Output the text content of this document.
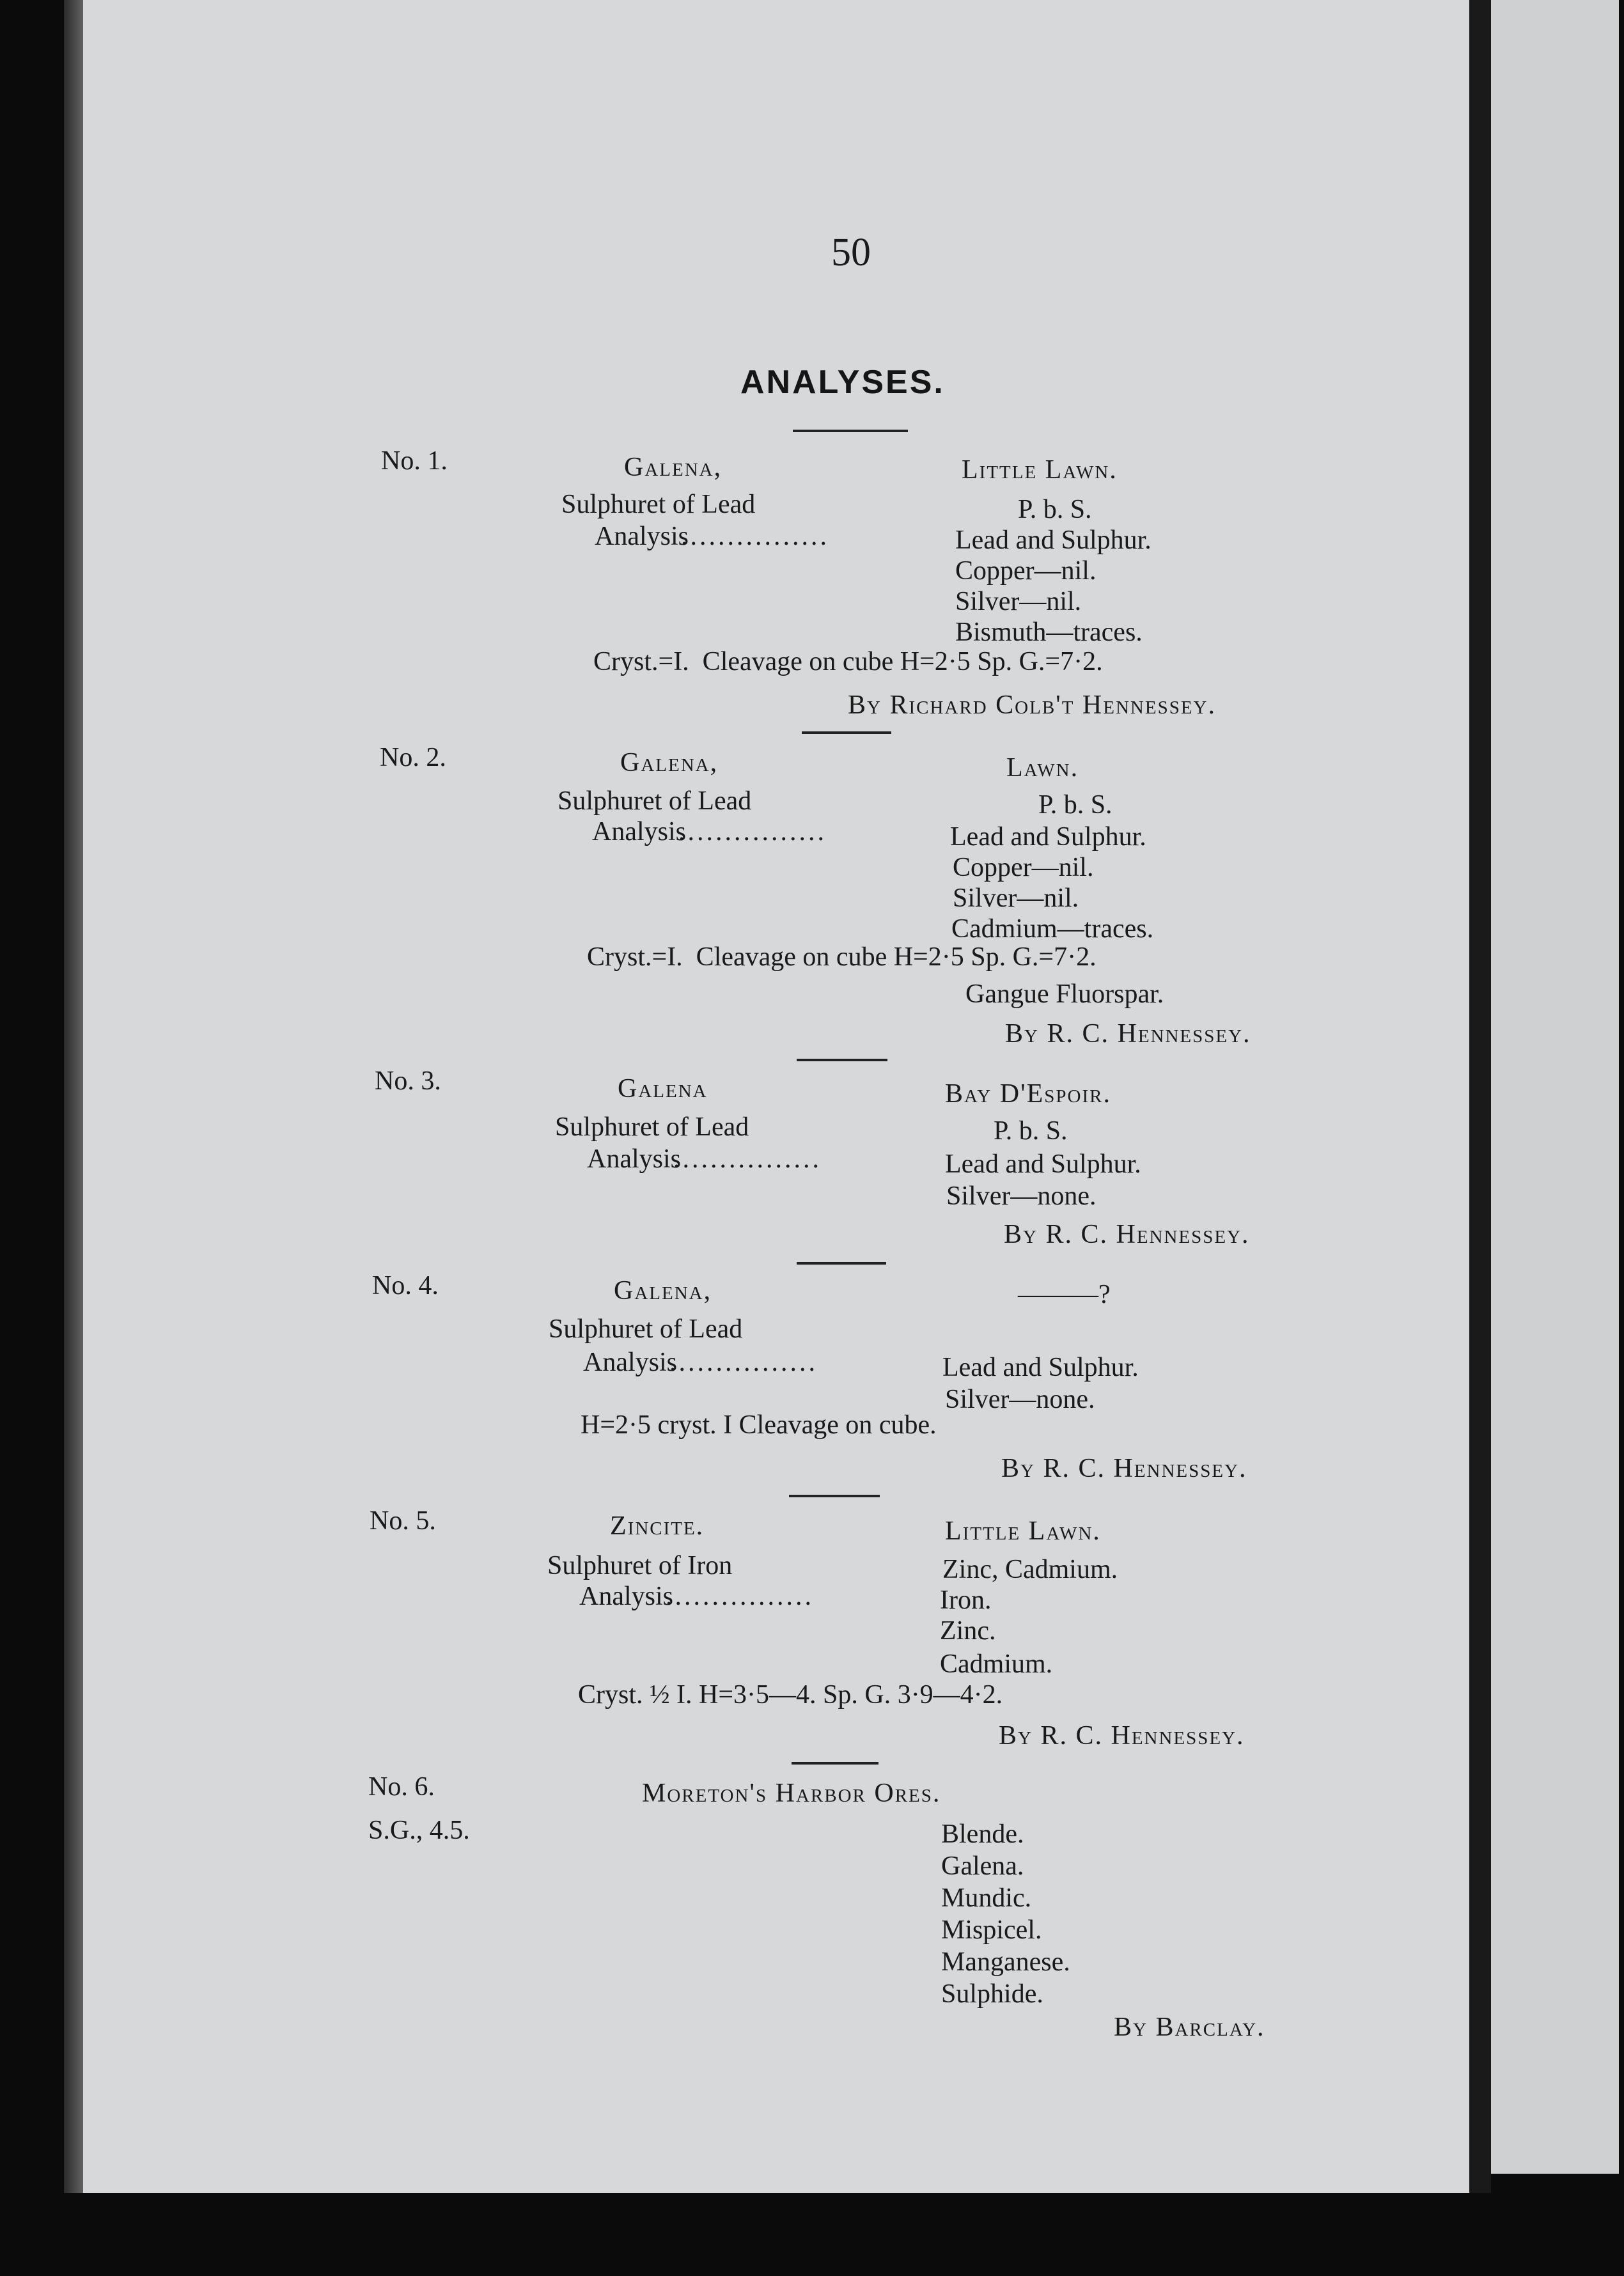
50
ANALYSES.
No. 1.	Galena,	Little Lawn.
Sulphuret of Lead	P. b. S.
Analysis
................	Lead and Sulphur.
Copper—nil.
Silver—nil.
Bismuth—traces.
Cryst.=I.  Cleavage on cube H=2·5 Sp. G.=7·2.
By Richard Colb't Hennessey.
No. 2.	Galena,	Lawn.
Sulphuret of Lead	P. b. S.
Analysis
................	Lead and Sulphur.
Copper—nil.
Silver—nil.
Cadmium—traces.
Cryst.=I.  Cleavage on cube H=2·5 Sp. G.=7·2.
Gangue Fluorspar.
By R. C. Hennessey.
No. 3.	Galena	Bay D'Espoir.
Sulphuret of Lead	P. b. S.
Analysis
................	Lead and Sulphur.
Silver—none.
By R. C. Hennessey.
No. 4.	Galena,	———?
Sulphuret of Lead
Analysis
................	Lead and Sulphur.
Silver—none.
H=2·5 cryst. I Cleavage on cube.
By R. C. Hennessey.
No. 5.	Zincite.	Little Lawn.
Sulphuret of Iron	Zinc, Cadmium.
Analysis
................	Iron.
Zinc.
Cadmium.
Cryst. ½ I. H=3·5—4. Sp. G. 3·9—4·2.
By R. C. Hennessey.
No. 6.
S.G., 4.5.
Moreton's Harbor Ores.
Blende.
Galena.
Mundic.
Mispicel.
Manganese.
Sulphide.
By Barclay.
